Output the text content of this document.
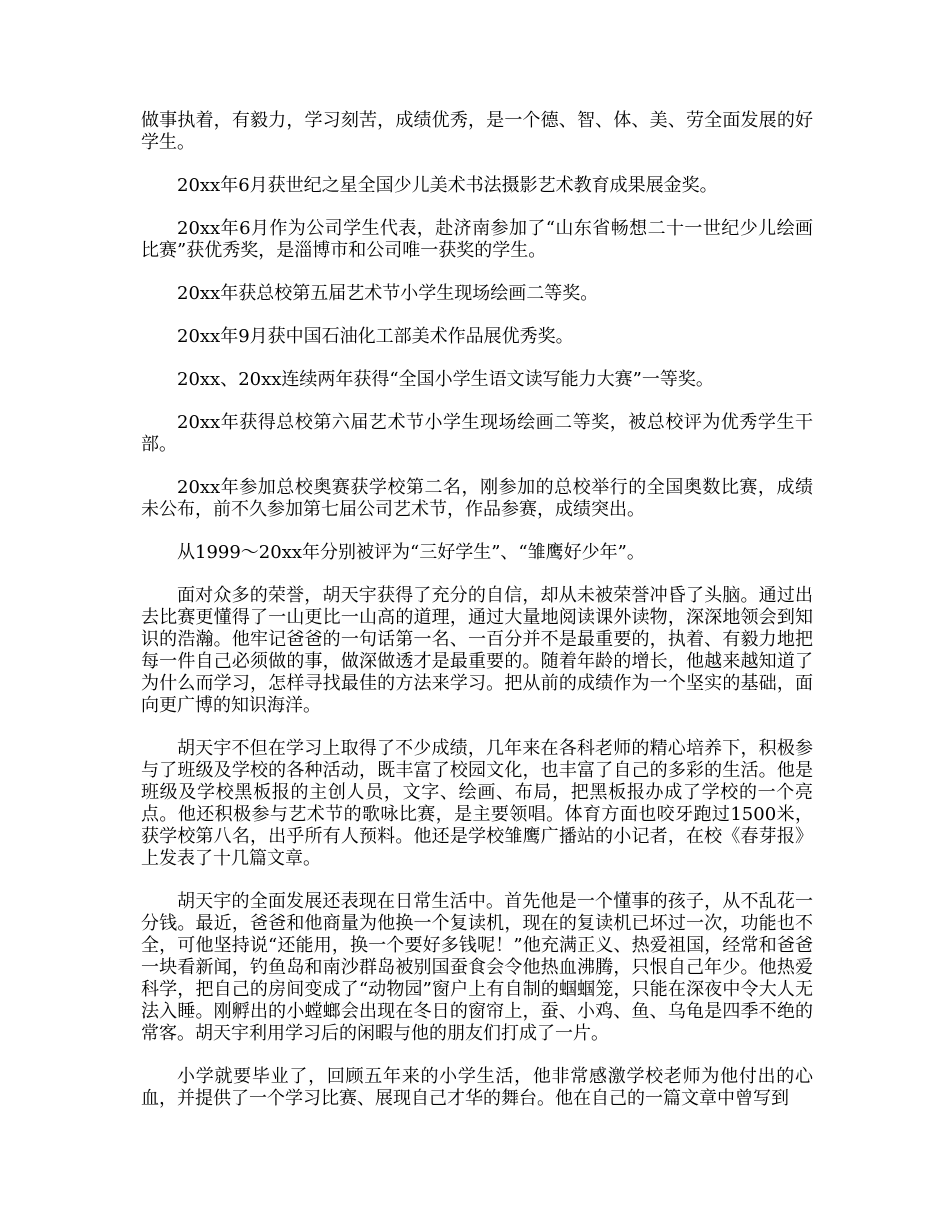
做事执着，有毅力，学习刻苦，成绩优秀，是一个德、智、体、美、劳全面发展的好学生。

20xx年6月获世纪之星全国少儿美术书法摄影艺术教育成果展金奖。

20xx年6月作为公司学生代表，赴济南参加了“山东省畅想二十一世纪少儿绘画比赛”获优秀奖，是淄博市和公司唯一获奖的学生。

20xx年获总校第五届艺术节小学生现场绘画二等奖。

20xx年9月获中国石油化工部美术作品展优秀奖。

20xx、20xx连续两年获得“全国小学生语文读写能力大赛”一等奖。

20xx年获得总校第六届艺术节小学生现场绘画二等奖，被总校评为优秀学生干部。

20xx年参加总校奥赛获学校第二名，刚参加的总校举行的全国奥数比赛，成绩未公布，前不久参加第七届公司艺术节，作品参赛，成绩突出。

从1999～20xx年分别被评为“三好学生”、“雏鹰好少年”。

面对众多的荣誉，胡天宇获得了充分的自信，却从未被荣誉冲昏了头脑。通过出去比赛更懂得了一山更比一山高的道理，通过大量地阅读课外读物，深深地领会到知识的浩瀚。他牢记爸爸的一句话第一名、一百分并不是最重要的，执着、有毅力地把每一件自己必须做的事，做深做透才是最重要的。随着年龄的增长，他越来越知道了为什么而学习，怎样寻找最佳的方法来学习。把从前的成绩作为一个坚实的基础，面向更广博的知识海洋。

胡天宇不但在学习上取得了不少成绩，几年来在各科老师的精心培养下，积极参与了班级及学校的各种活动，既丰富了校园文化，也丰富了自己的多彩的生活。他是班级及学校黑板报的主创人员，文字、绘画、布局，把黑板报办成了学校的一个亮点。他还积极参与艺术节的歌咏比赛，是主要领唱。体育方面也咬牙跑过1500米，获学校第八名，出乎所有人预料。他还是学校雏鹰广播站的小记者，在校《春芽报》上发表了十几篇文章。

胡天宇的全面发展还表现在日常生活中。首先他是一个懂事的孩子，从不乱花一分钱。最近，爸爸和他商量为他换一个复读机，现在的复读机已坏过一次，功能也不全，可他坚持说“还能用，换一个要好多钱呢！”他充满正义、热爱祖国，经常和爸爸一块看新闻，钓鱼岛和南沙群岛被别国蚕食会令他热血沸腾，只恨自己年少。他热爱科学，把自己的房间变成了“动物园”窗户上有自制的蝈蝈笼，只能在深夜中令大人无法入睡。刚孵出的小螳螂会出现在冬日的窗帘上，蚕、小鸡、鱼、乌龟是四季不绝的常客。胡天宇利用学习后的闲暇与他的朋友们打成了一片。

小学就要毕业了，回顾五年来的小学生活，他非常感激学校老师为他付出的心血，并提供了一个学习比赛、展现自己才华的舞台。他在自己的一篇文章中曾写到
